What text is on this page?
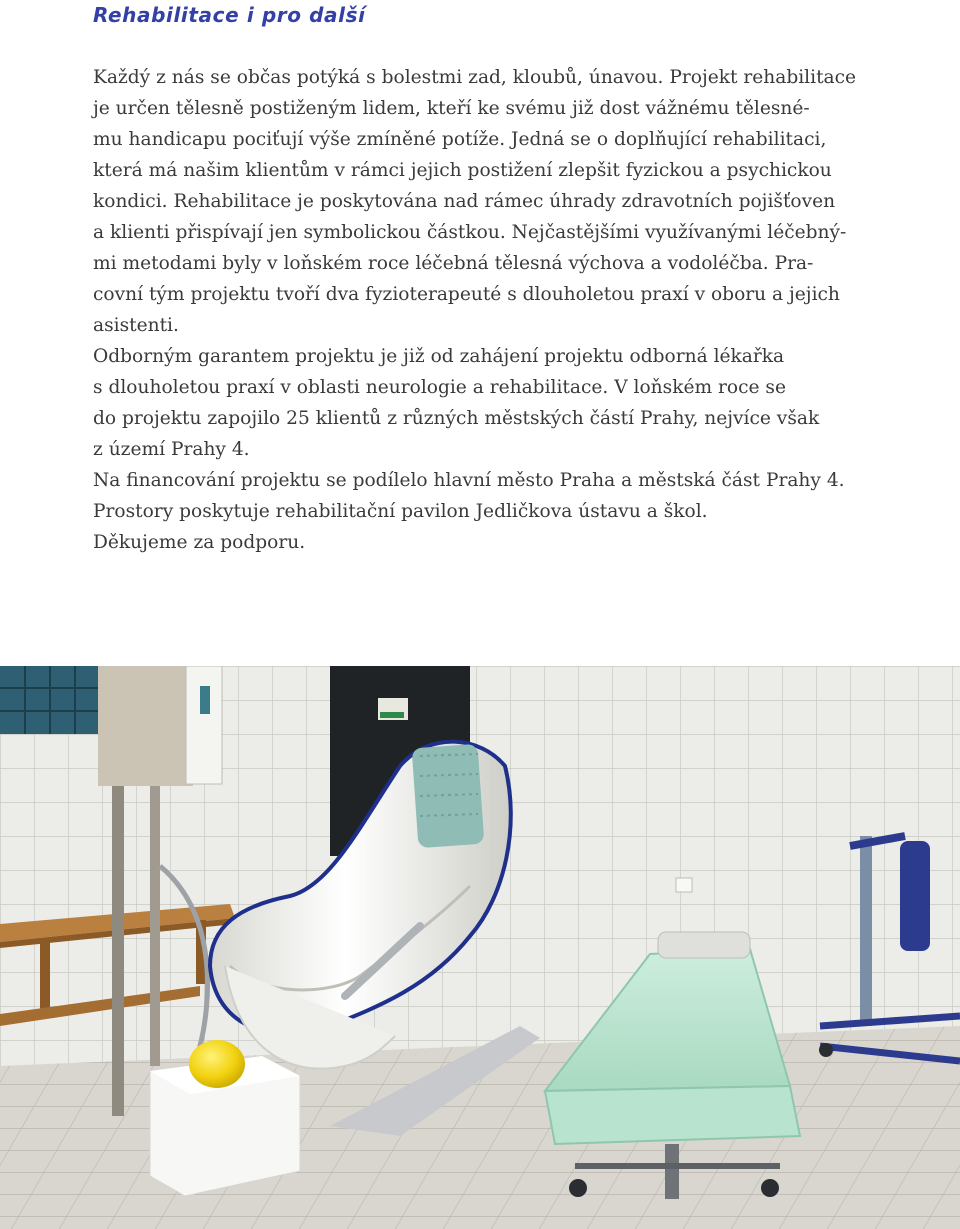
Rehabilitace i pro další
Každý z nás se občas potýká s bolestmi zad, kloubů, únavou. Projekt rehabilitace
je určen tělesně postiženým lidem, kteří ke svému již dost vážnému tělesné-
mu handicapu pociťují výše zmíněné potíže. Jedná se o doplňující rehabilitaci,
která má našim klientům v rámci jejich postižení zlepšit fyzickou a psychickou
kondici. Rehabilitace je poskytována nad rámec úhrady zdravotních pojišťoven
a klienti přispívají jen symbolickou částkou. Nejčastějšími využívanými léčebný-
mi metodami byly v loňském roce léčebná tělesná výchova a vodoléčba. Pra-
covní tým projektu tvoří dva fyzioterapeuté s dlouholetou praxí v oboru a jejich
asistenti.
Odborným garantem projektu je již od zahájení projektu odborná lékařka
s dlouholetou praxí v oblasti neurologie a rehabilitace. V loňském roce se
do projektu zapojilo 25 klientů z různých městských částí Prahy, nejvíce však
z území Prahy 4.
Na financování projektu se podílelo hlavní město Praha a městská část Prahy 4.
Prostory poskytuje rehabilitační pavilon Jedličkova ústavu a škol.
Děkujeme za podporu.
